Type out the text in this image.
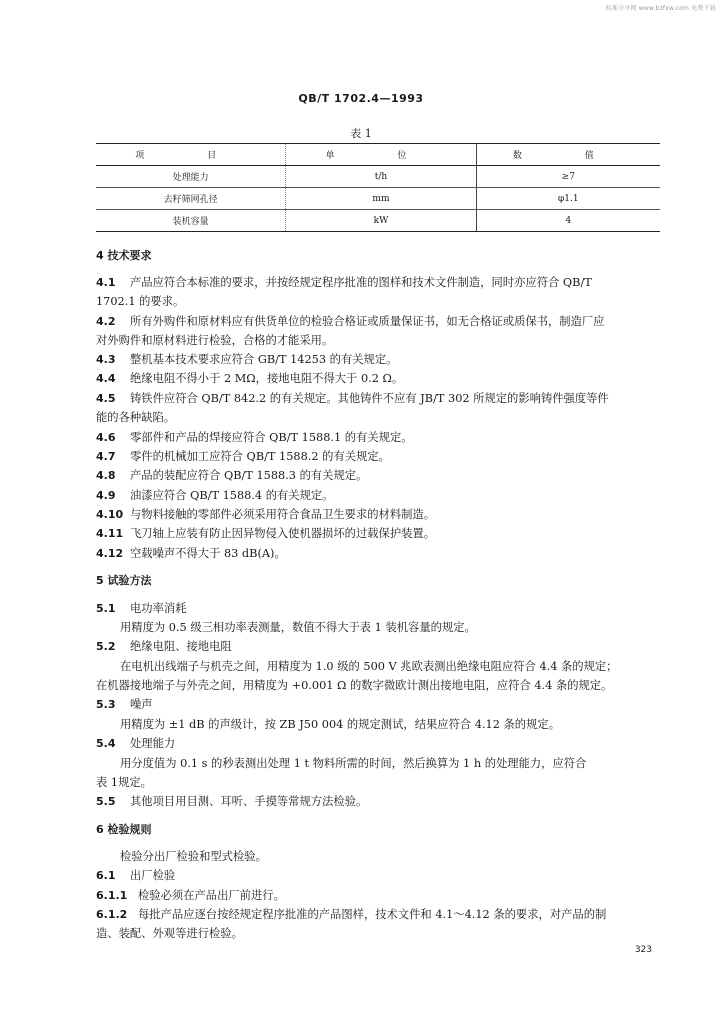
标准分享网 www.bzfxw.com 免费下载
QB/T 1702.4—1993
表 1
项 目	单 位	数 值
处理能力	t/h	≥7
去籽筛网孔径	mm	φ1.1
装机容量	kW	4
4 技术要求
4.1 产品应符合本标准的要求，并按经规定程序批准的图样和技术文件制造，同时亦应符合 QB/T
1702.1 的要求。
4.2 所有外购件和原材料应有供货单位的检验合格证或质量保证书，如无合格证或质保书，制造厂应
对外购件和原材料进行检验，合格的才能采用。
4.3 整机基本技术要求应符合 GB/T 14253 的有关规定。
4.4 绝缘电阻不得小于 2 MΩ，接地电阻不得大于 0.2 Ω。
4.5 铸铁件应符合 QB/T 842.2 的有关规定。其他铸件不应有 JB/T 302 所规定的影响铸件强度等件
能的各种缺陷。
4.6 零部件和产品的焊接应符合 QB/T 1588.1 的有关规定。
4.7 零件的机械加工应符合 QB/T 1588.2 的有关规定。
4.8 产品的装配应符合 QB/T 1588.3 的有关规定。
4.9 油漆应符合 QB/T 1588.4 的有关规定。
4.10 与物料接触的零部件必须采用符合食品卫生要求的材料制造。
4.11 飞刀轴上应装有防止因异物侵入使机器损坏的过载保护装置。
4.12 空载噪声不得大于 83 dB(A)。
5 试验方法
5.1 电功率消耗
用精度为 0.5 级三相功率表测量，数值不得大于表 1 装机容量的规定。
5.2 绝缘电阻、接地电阻
在电机出线端子与机壳之间，用精度为 1.0 级的 500 V 兆欧表测出绝缘电阻应符合 4.4 条的规定；
在机器接地端子与外壳之间，用精度为 +0.001 Ω 的数字微欧计测出接地电阻，应符合 4.4 条的规定。
5.3 噪声
用精度为 ±1 dB 的声级计，按 ZB J50 004 的规定测试，结果应符合 4.12 条的规定。
5.4 处理能力
用分度值为 0.1 s 的秒表测出处理 1 t 物料所需的时间，然后换算为 1 h 的处理能力，应符合
表 1规定。
5.5 其他项目用目测、耳听、手摸等常规方法检验。
6 检验规则
检验分出厂检验和型式检验。
6.1 出厂检验
6.1.1 检验必须在产品出厂前进行。
6.1.2 每批产品应逐台按经规定程序批准的产品图样，技术文件和 4.1～4.12 条的要求，对产品的制
造、装配、外观等进行检验。
323
